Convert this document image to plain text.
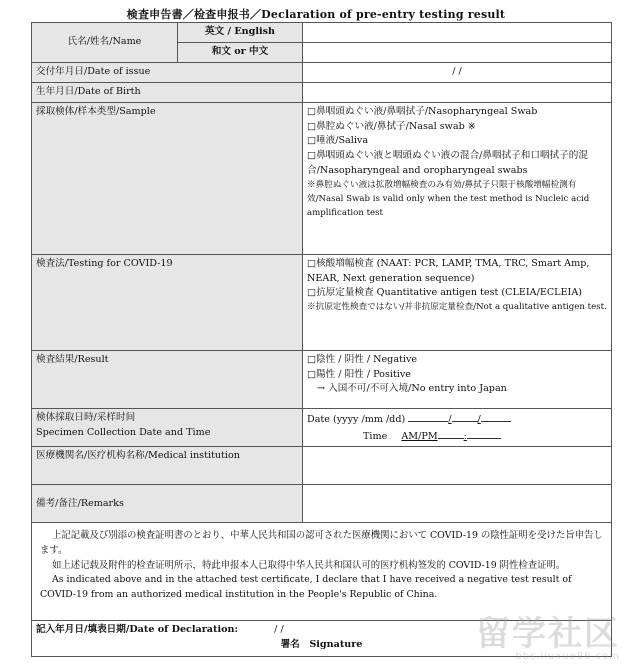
検査申告書／检查申报书／Declaration of pre-entry testing result
氏名/姓名/Name	英文 / English	
	和文 or 中文	
交付年月日/Date of issue		/ /
生年月日/Date of Birth		
採取検体/样本类型/Sample		□鼻咽頭ぬぐい液/鼻咽拭子/Nasopharyngeal Swab
□鼻腔ぬぐい液/鼻拭子/Nasal swab ※
□唾液/Saliva
□鼻咽頭ぬぐい液と咽頭ぬぐい液の混合/鼻咽拭子和口咽拭子的混合/Nasopharyngeal and oropharyngeal swabs
※鼻腔ぬぐい液は拡散増幅検査のみ有効/鼻拭子只限于核酸增幅检测有效/Nasal Swab is valid only when the test method is Nucleic acid amplification test

検査法/Testing for COVID-19		□核酸増幅検査 (NAAT: PCR, LAMP, TMA, TRC, Smart Amp, NEAR, Next generation sequence)
□抗原定量検査 Quantitative antigen test (CLEIA/ECLEIA)
※抗原定性検査ではない/并非抗原定量检查/Not a qualitative antigen test.

検査結果/Result		□陰性 / 阴性 / Negative
□陽性 / 阳性 / Positive
→ 入国不可/不可入境/No entry into Japan

検体採取日時/采样时间
Specimen Collection Date and Time		Date (yyyy /mm /dd) / /
Time AM/PM :

医療機関名/医疗机构名称/Medical institution		
備考/备注/Remarks		

上記記載及び別添の検査証明書のとおり、中華人民共和国の認可された医療機関において COVID-19 の陰性証明を受けた旨申告します。

如上述记载及附件的检查证明所示，特此申报本人已取得中华人民共和国认可的医疗机构签发的 COVID-19 阴性检查证明。

As indicated above and in the attached test certificate, I declare that I have received a negative test result of COVID-19 from an authorized medical institution in the People's Republic of China.		

記入年月日/填表日期/Date of Declaration: / /
署名　Signature			留学社区
bbs.liuxue86.com
